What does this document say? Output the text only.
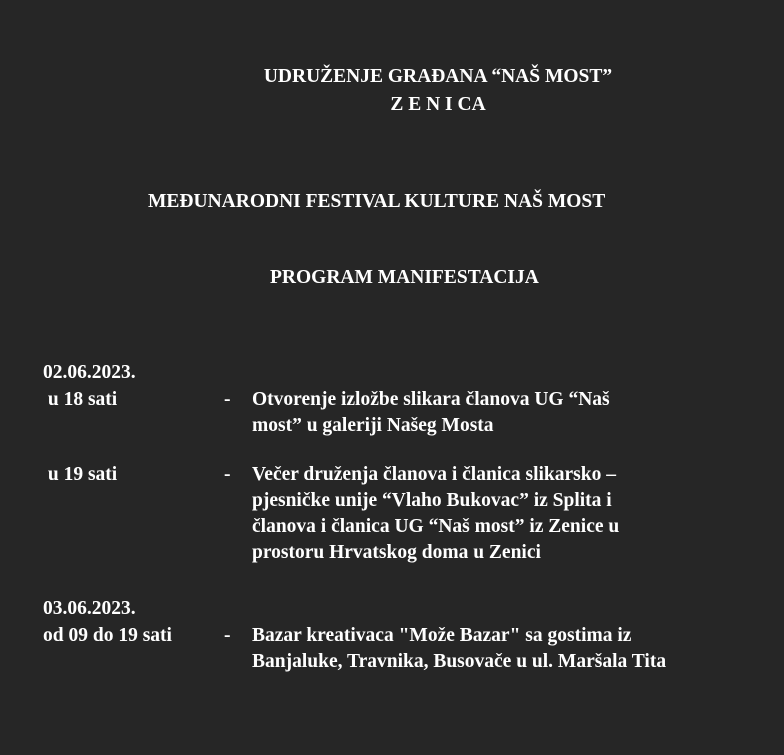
UDRUŽENJE GRAĐANA “NAŠ MOST”
Z E N I CA
MEĐUNARODNI FESTIVAL KULTURE NAŠ MOST
PROGRAM MANIFESTACIJA
02.06.2023.
u 18 sati	- Otvorenje izložbe slikara članova UG “Naš
most” u galeriji Našeg Mosta
u 19 sati	- Večer druženja članova i članica slikarsko –
pjesničke unije “Vlaho Bukovac” iz Splita i
članova i članica UG “Naš most” iz Zenice u
prostoru Hrvatskog doma u Zenici
03.06.2023.
od 09 do 19 sati	- Bazar kreativaca "Može Bazar" sa gostima iz
Banjaluke, Travnika, Busovače u ul. Maršala Tita
